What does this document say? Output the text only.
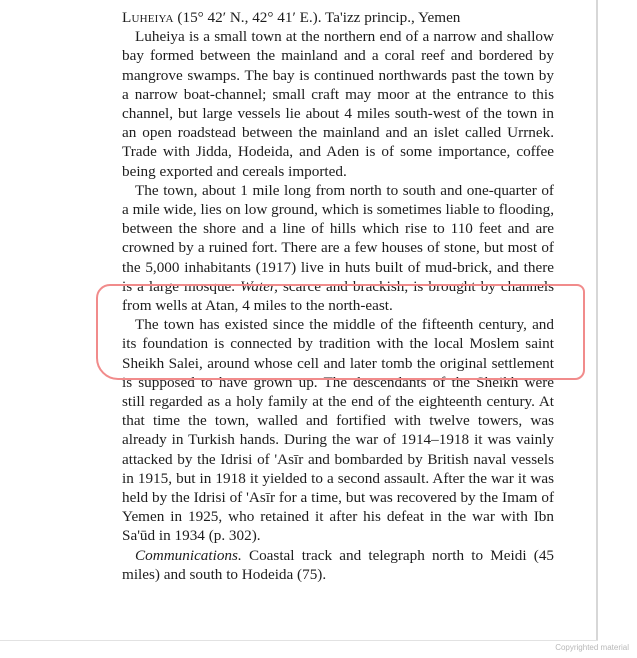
Luheiya (15° 42′ N., 42° 41′ E.). Ta'izz princip., Yemen

Luheiya is a small town at the northern end of a narrow and shallow bay formed between the mainland and a coral reef and bordered by mangrove swamps. The bay is continued northwards past the town by a narrow boat-channel; small craft may moor at the entrance to this channel, but large vessels lie about 4 miles south-west of the town in an open roadstead between the mainland and an islet called Urrnek. Trade with Jidda, Hodeida, and Aden is of some importance, coffee being exported and cereals imported.

The town, about 1 mile long from north to south and one-quarter of a mile wide, lies on low ground, which is sometimes liable to flooding, between the shore and a line of hills which rise to 110 feet and are crowned by a ruined fort. There are a few houses of stone, but most of the 5,000 inhabitants (1917) live in huts built of mud-brick, and there is a large mosque. Water, scarce and brackish, is brought by channels from wells at Atan, 4 miles to the north-east.

The town has existed since the middle of the fifteenth century, and its foundation is connected by tradition with the local Moslem saint Sheikh Salei, around whose cell and later tomb the original settlement is supposed to have grown up. The descendants of the Sheikh were still regarded as a holy family at the end of the eighteenth century. At that time the town, walled and fortified with twelve towers, was already in Turkish hands. During the war of 1914–1918 it was vainly attacked by the Idrisi of 'Asīr and bombarded by British naval vessels in 1915, but in 1918 it yielded to a second assault. After the war it was held by the Idrisi of 'Asīr for a time, but was recovered by the Imam of Yemen in 1925, who retained it after his defeat in the war with Ibn Sa'ūd in 1934 (p. 302).

Communications. Coastal track and telegraph north to Meidi (45 miles) and south to Hodeida (75).

Copyrighted material
